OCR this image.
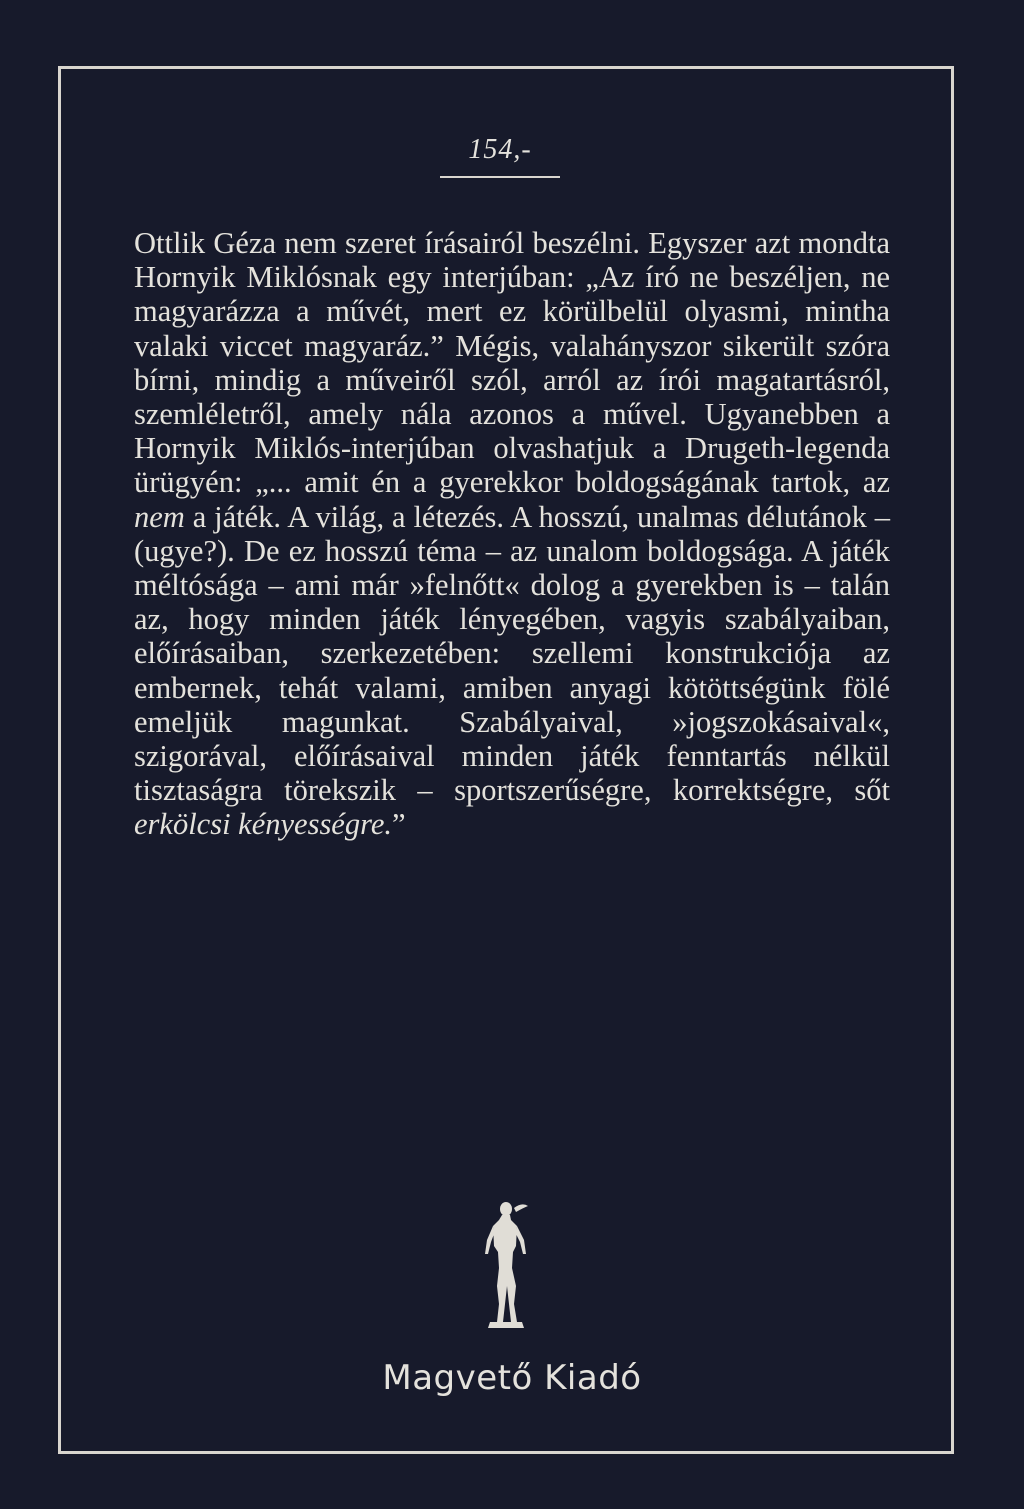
154,-

Ottlik Géza nem szeret írásairól beszélni. Egyszer azt mondta Hornyik Miklósnak egy interjúban: „Az író ne beszéljen, ne magyarázza a művét, mert ez körülbelül olyasmi, mintha valaki viccet magyaráz.” Mégis, valahányszor sikerült szóra bírni, mindig a műveiről szól, arról az írói magatartásról, szemléletről, amely nála azonos a művel. Ugyanebben a Hornyik Miklós-interjúban olvashatjuk a Drugeth-legenda ürügyén: „... amit én a gyerekkor boldogságának tartok, az nem a játék. A világ, a létezés. A hosszú, unalmas délutánok – (ugye?). De ez hosszú téma – az unalom boldogsága. A játék méltósága – ami már »felnőtt« dolog a gyerekben is – talán az, hogy minden játék lényegében, vagyis szabályaiban, előírásaiban, szerkezetében: szellemi konstrukciója az embernek, tehát valami, amiben anyagi kötöttségünk fölé emeljük magunkat. Szabályaival, »jogszokásaival«, szigorával, előírásaival minden játék fenntartás nélkül tisztaságra törekszik – sportszerűségre, korrektségre, sőt erkölcsi kényességre.”

Magvető Kiadó
